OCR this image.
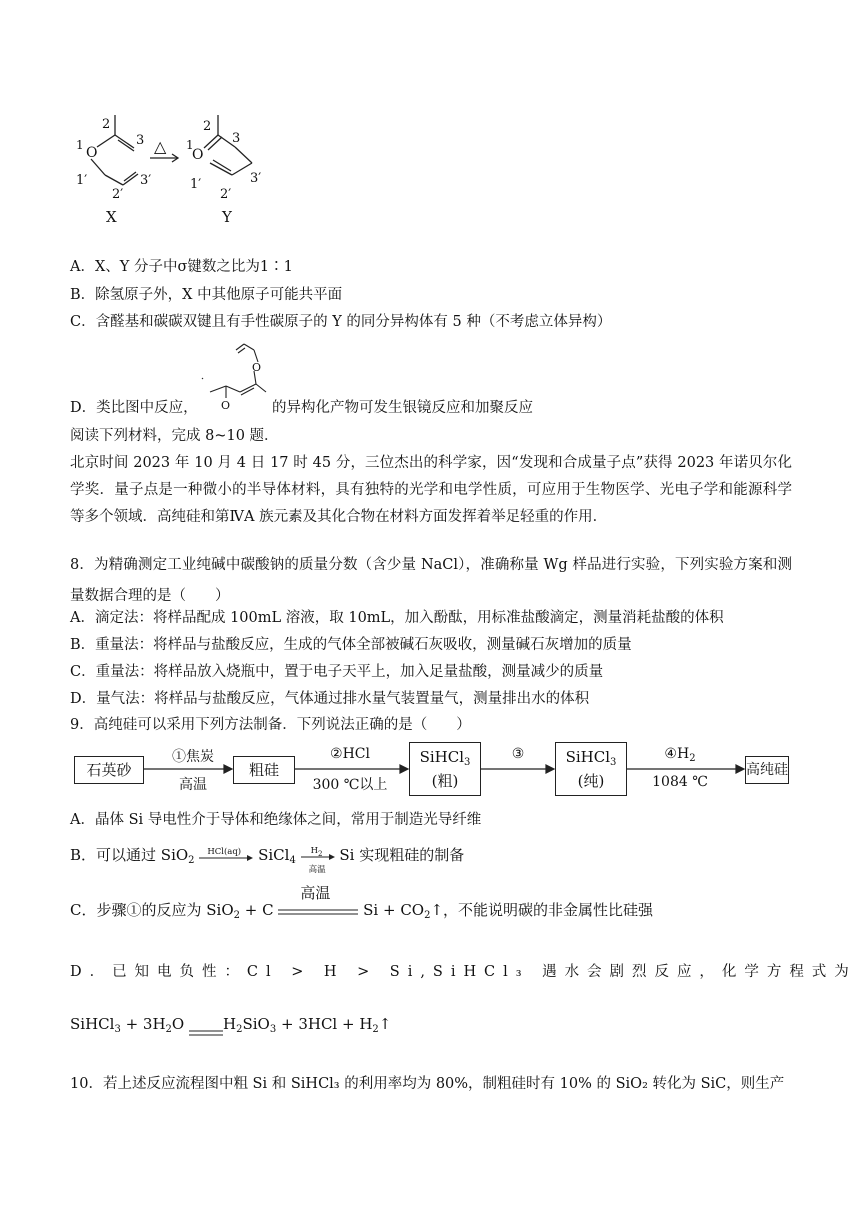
2
3
1 O
1′
2′
3′
△
2
3
1
O
1′
2′
3′
X	Y
A．X、Y 分子中σ键数之比为1∶1
B．除氢原子外，X 中其他原子可能共平面
C．含醛基和碳碳双键且有手性碳原子的 Y 的同分异构体有 5 种（不考虑立体异构）
D．类比图中反应，
O
O	的异构化产物可发生银镜反应和加聚反应
阅读下列材料，完成 8~10 题．
北京时间 2023 年 10 月 4 日 17 时 45 分，三位杰出的科学家，因“发现和合成量子点”获得 2023 年诺贝尔化学奖．量子点是一种微小的半导体材料，具有独特的光学和电学性质，可应用于生物医学、光电子学和能源科学等多个领域．高纯硅和第ⅣA 族元素及其化合物在材料方面发挥着举足轻重的作用．
8．为精确测定工业纯碱中碳酸钠的质量分数（含少量 NaCl），准确称量 Wg 样品进行实验，下列实验方案和测量数据合理的是（　　）
A．滴定法：将样品配成 100mL 溶液，取 10mL，加入酚酞，用标准盐酸滴定，测量消耗盐酸的体积
B．重量法：将样品与盐酸反应，生成的气体全部被碱石灰吸收，测量碱石灰增加的质量
C．重量法：将样品放入烧瓶中，置于电子天平上，加入足量盐酸，测量减少的质量
D．量气法：将样品与盐酸反应，气体通过排水量气装置量气，测量排出水的体积
9．高纯硅可以采用下列方法制备．下列说法正确的是（　　）
石英砂
①焦炭
高温
粗硅
②HCl
300 ℃以上
SiHCl$_3$
(粗)
③	SiHCl$_3$
(纯)
$④H_2$
1084 ℃
高纯硅
A．晶体 Si 导电性介于导体和绝缘体之间，常用于制造光导纤维
B．可以通过 SiO$_2$
HCl(aq) SiCl$_4$
$H_2$
高温
Si 实现粗硅的制备
C．步骤①的反应为 SiO$_2$ + C
高温
$Si + CO_2↑$，不能说明碳的非金属性比硅强
D．已知电负性：Cl > H > Si,SiHCl₃ 遇水会剧烈反应，化学方程式为
SiHCl$_3$ + $3H_2O$ $H_2SiO_3 + 3HCl$ + $H_2↑$
10．若上述反应流程图中粗 Si 和 SiHCl₃ 的利用率均为 80%，制粗硅时有 10% 的 SiO₂ 转化为 SiC，则生产
